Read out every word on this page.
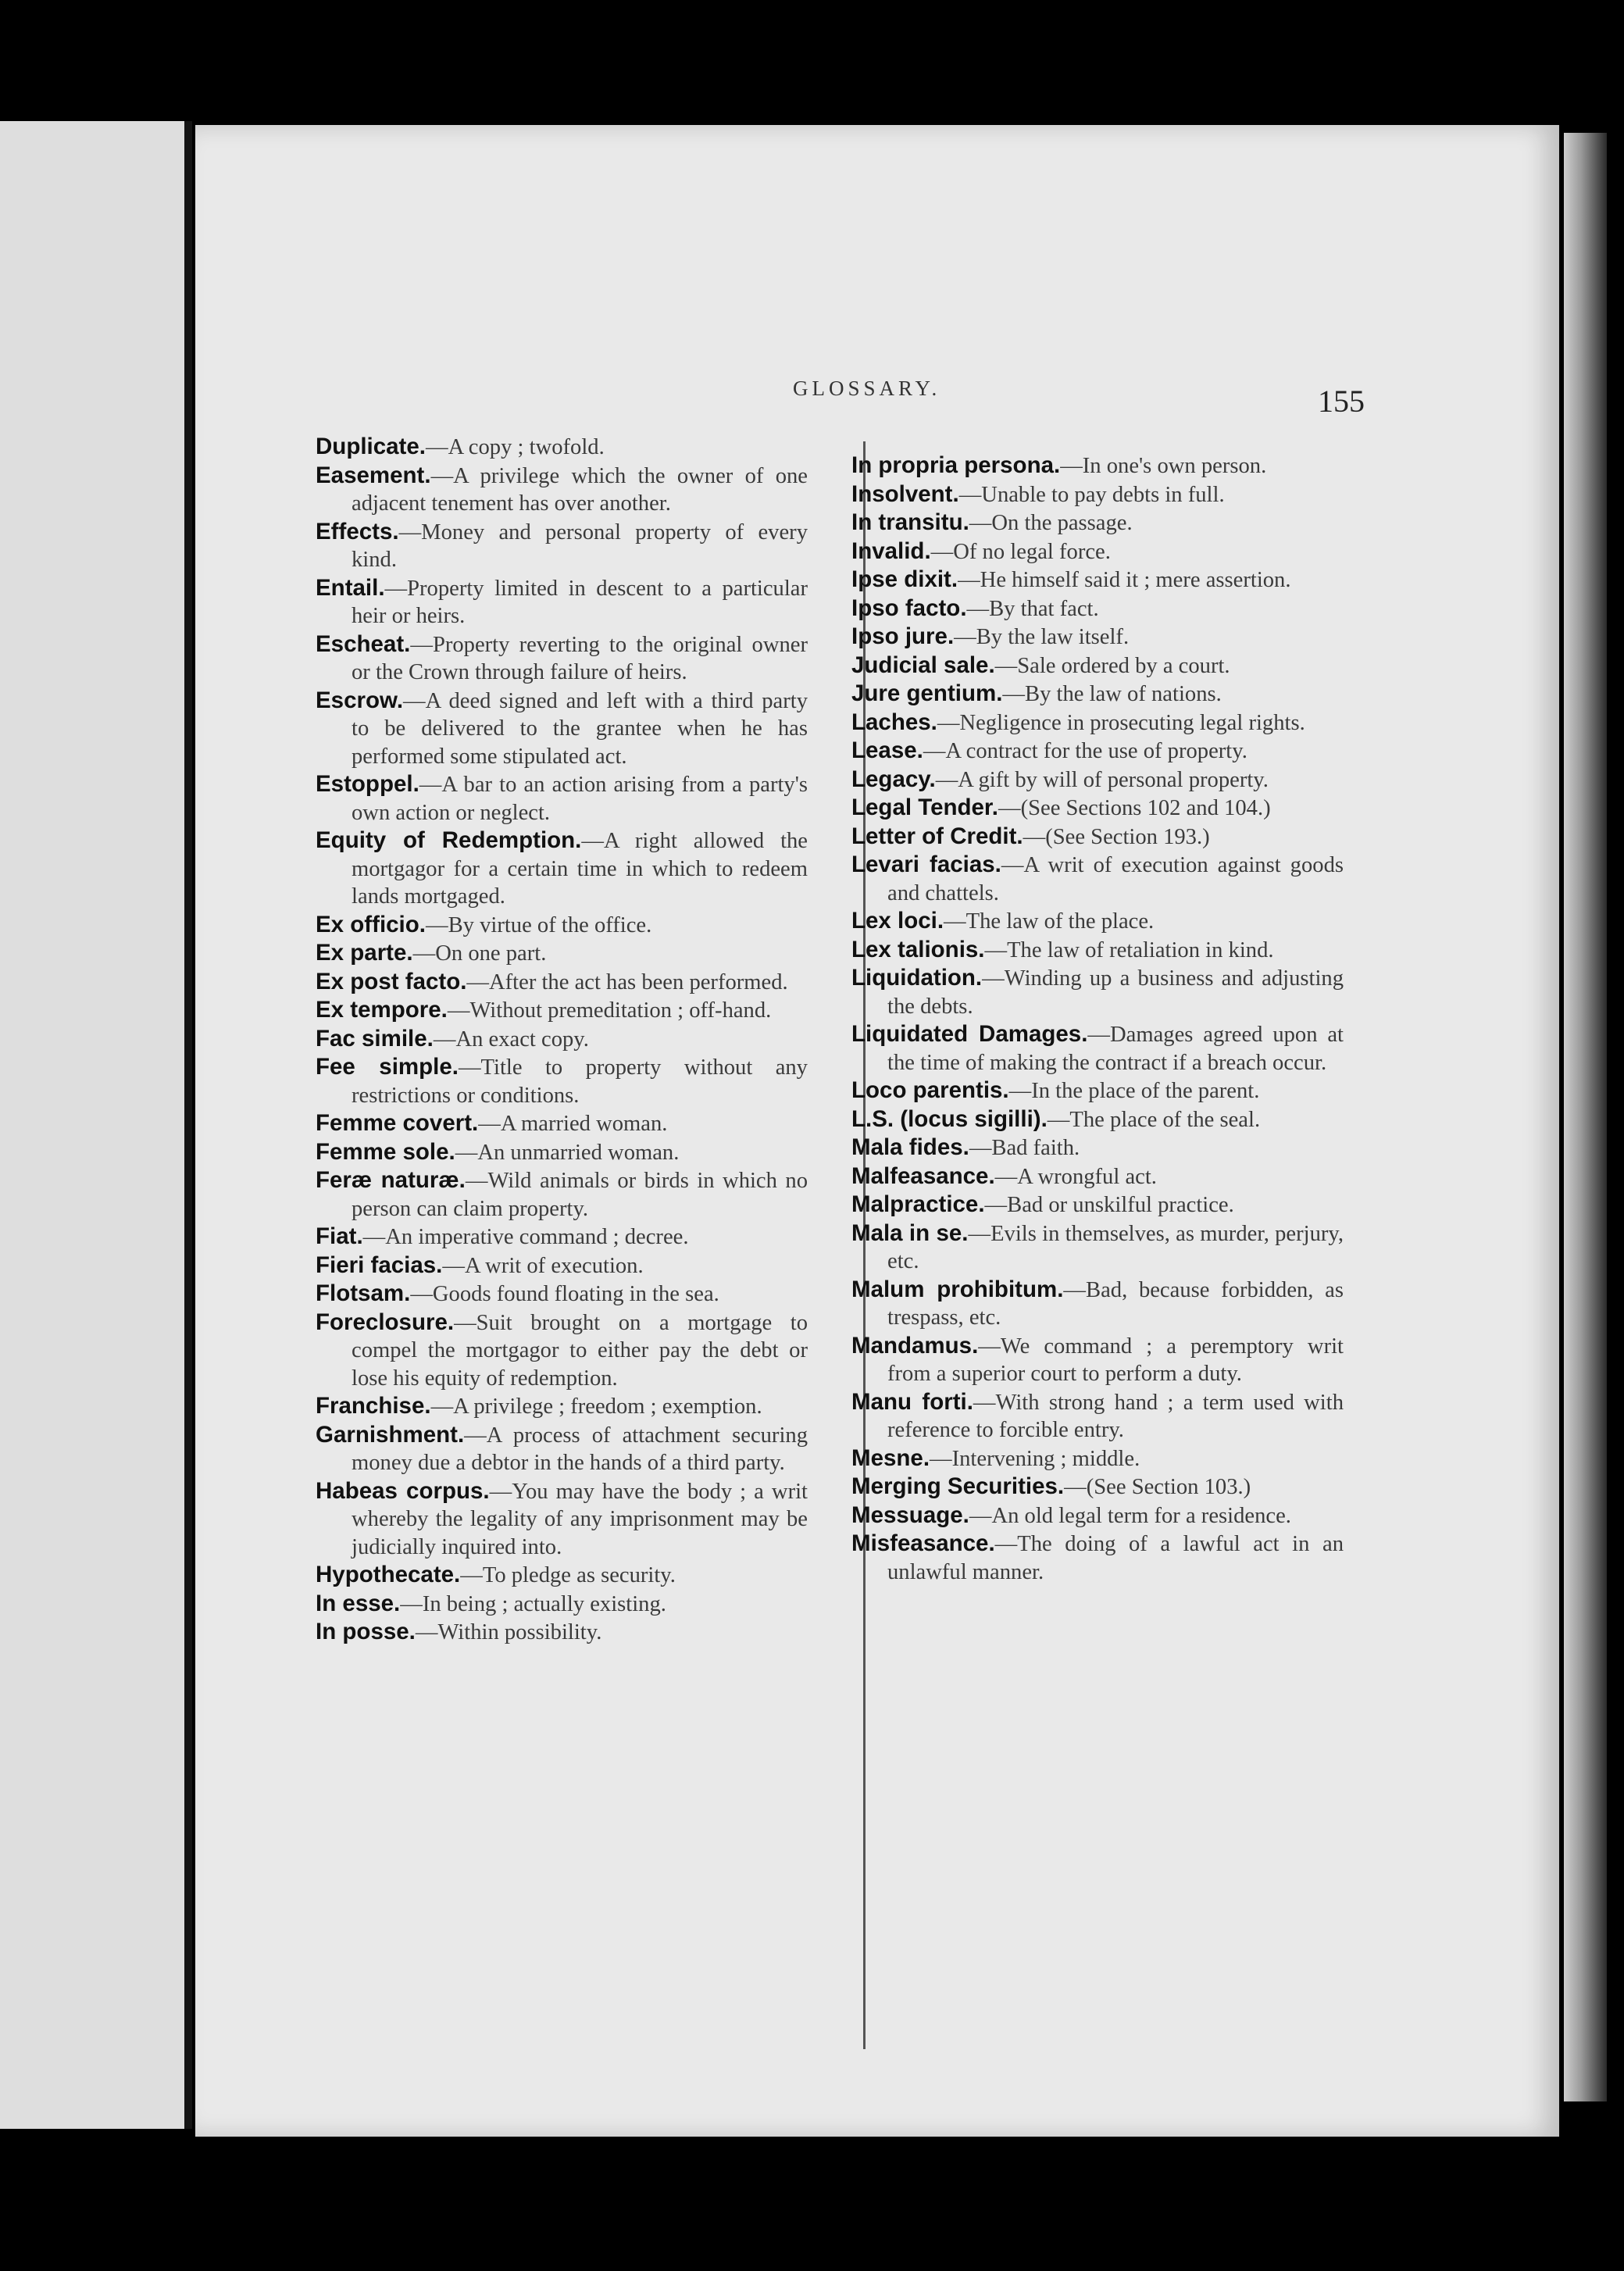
GLOSSARY.	155

Duplicate.—A copy ; twofold.

Easement.—A privilege which the owner of one adjacent tenement has over another.

Effects.—Money and personal property of every kind.

Entail.—Property limited in descent to a particular heir or heirs.

Escheat.—Property reverting to the original owner or the Crown through failure of heirs.

Escrow.—A deed signed and left with a third party to be delivered to the grantee when he has performed some stipulated act.

Estoppel.—A bar to an action arising from a party's own action or neglect.

Equity of Redemption.—A right allowed the mortgagor for a certain time in which to redeem lands mortgaged.

Ex officio.—By virtue of the office.

Ex parte.—On one part.

Ex post facto.—After the act has been performed.

Ex tempore.—Without premeditation ; off-hand.

Fac simile.—An exact copy.

Fee simple.—Title to property without any restrictions or conditions.

Femme covert.—A married woman.

Femme sole.—An unmarried woman.

Feræ naturæ.—Wild animals or birds in which no person can claim property.

Fiat.—An imperative command ; decree.

Fieri facias.—A writ of execution.

Flotsam.—Goods found floating in the sea.

Foreclosure.—Suit brought on a mortgage to compel the mortgagor to either pay the debt or lose his equity of redemption.

Franchise.—A privilege ; freedom ; exemption.

Garnishment.—A process of attachment securing money due a debtor in the hands of a third party.

Habeas corpus.—You may have the body ; a writ whereby the legality of any imprisonment may be judicially inquired into.

Hypothecate.—To pledge as security.

In esse.—In being ; actually existing.

In posse.—Within possibility.

In propria persona.—In one's own person.

Insolvent.—Unable to pay debts in full.

In transitu.—On the passage.

Invalid.—Of no legal force.

Ipse dixit.—He himself said it ; mere assertion.

Ipso facto.—By that fact.

Ipso jure.—By the law itself.

Judicial sale.—Sale ordered by a court.

Jure gentium.—By the law of nations.

Laches.—Negligence in prosecuting legal rights.

Lease.—A contract for the use of property.

Legacy.—A gift by will of personal property.

Legal Tender.—(See Sections 102 and 104.)

Letter of Credit.—(See Section 193.)

Levari facias.—A writ of execution against goods and chattels.

Lex loci.—The law of the place.

Lex talionis.—The law of retaliation in kind.

Liquidation.—Winding up a business and adjusting the debts.

Liquidated Damages.—Damages agreed upon at the time of making the contract if a breach occur.

Loco parentis.—In the place of the parent.

L.S. (locus sigilli).—The place of the seal.

Mala fides.—Bad faith.

Malfeasance.—A wrongful act.

Malpractice.—Bad or unskilful practice.

Mala in se.—Evils in themselves, as murder, perjury, etc.

Malum prohibitum.—Bad, because forbidden, as trespass, etc.

Mandamus.—We command ; a peremptory writ from a superior court to perform a duty.

Manu forti.—With strong hand ; a term used with reference to forcible entry.

Mesne.—Intervening ; middle.

Merging Securities.—(See Section 103.)

Messuage.—An old legal term for a residence.

Misfeasance.—The doing of a lawful act in an unlawful manner.
